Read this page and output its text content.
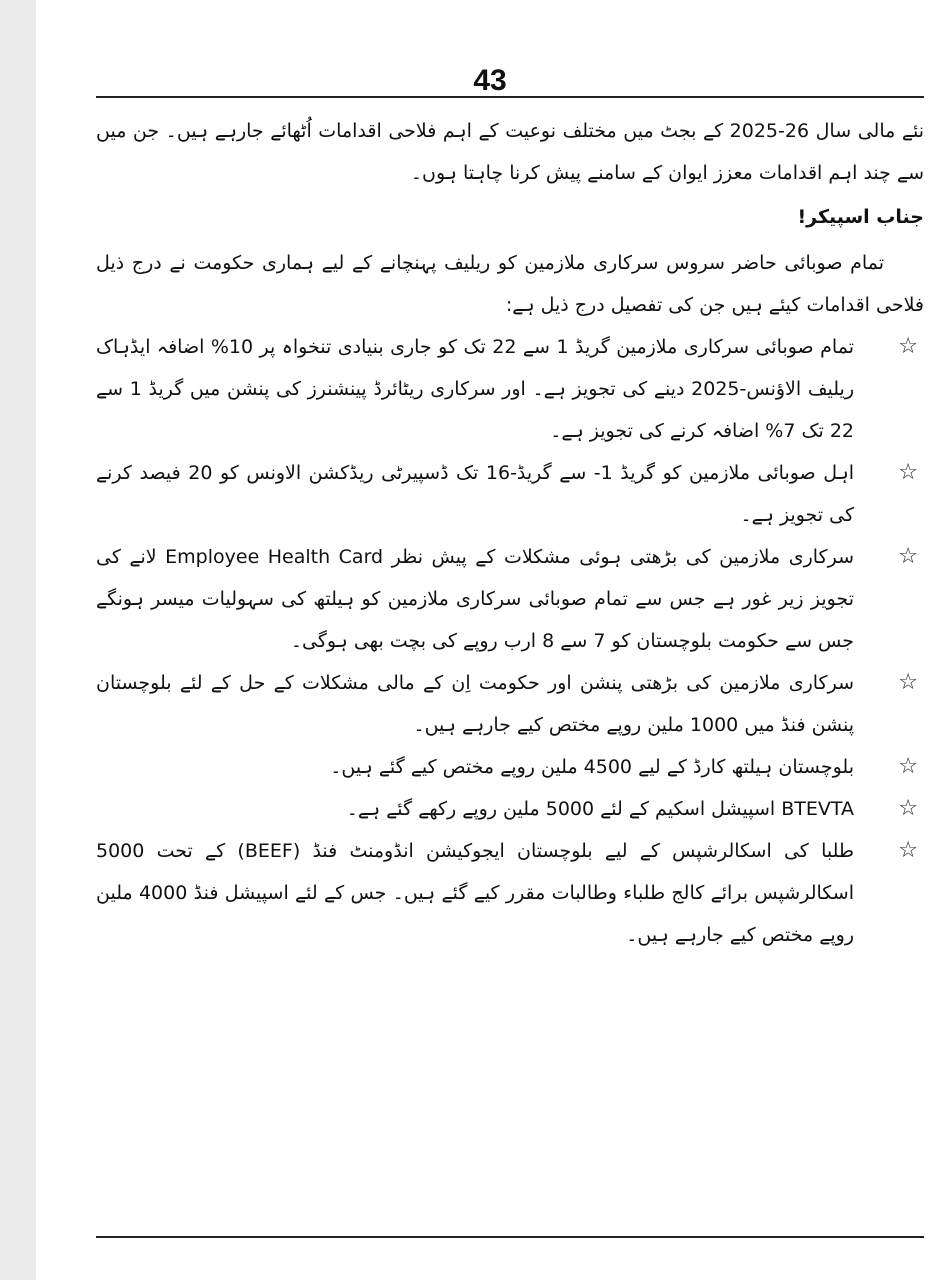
43

نئے مالی سال 26-2025 کے بجٹ میں مختلف نوعیت کے اہم فلاحی اقدامات اُٹھائے جارہے ہیں۔ جن میں سے چند اہم اقدامات معزز ایوان کے سامنے پیش کرنا چاہتا ہوں۔

جناب اسپیکر!

تمام صوبائی حاضر سروس سرکاری ملازمین کو ریلیف پہنچانے کے لیے ہماری حکومت نے درج ذیل فلاحی اقدامات کیئے ہیں جن کی تفصیل درج ذیل ہے:

☆
تمام صوبائی سرکاری ملازمین گریڈ 1 سے 22 تک کو جاری بنیادی تنخواہ پر 10% اضافہ ایڈہاک ریلیف الاؤنس-2025 دینے کی تجویز ہے۔ اور سرکاری ریٹائرڈ پینشنرز کی پنشن میں گریڈ 1 سے 22 تک 7% اضافہ کرنے کی تجویز ہے۔
☆
اہل صوبائی ملازمین کو گریڈ 1- سے گریڈ-16 تک ڈسپیرٹی ریڈکشن الاونس کو 20 فیصد کرنے کی تجویز ہے۔
☆
سرکاری ملازمین کی بڑھتی ہوئی مشکلات کے پیش نظر Employee Health Card لانے کی تجویز زیر غور ہے جس سے تمام صوبائی سرکاری ملازمین کو ہیلتھ کی سہولیات میسر ہونگے جس سے حکومت بلوچستان کو 7 سے 8 ارب روپے کی بچت بھی ہوگی۔
☆
سرکاری ملازمین کی بڑھتی پنشن اور حکومت اِن کے مالی مشکلات کے حل کے لئے بلوچستان پنشن فنڈ میں 1000 ملین روپے مختص کیے جارہے ہیں۔
☆
بلوچستان ہیلتھ کارڈ کے لیے 4500 ملین روپے مختص کیے گئے ہیں۔
☆
BTEVTA اسپیشل اسکیم کے لئے 5000 ملین روپے رکھے گئے ہے۔
☆
طلبا کی اسکالرشپس کے لیے بلوچستان ایجوکیشن انڈومنٹ فنڈ (BEEF) کے تحت 5000 اسکالرشپس برائے کالج طلباء وطالبات مقرر کیے گئے ہیں۔ جس کے لئے اسپیشل فنڈ 4000 ملین روپے مختص کیے جارہے ہیں۔
